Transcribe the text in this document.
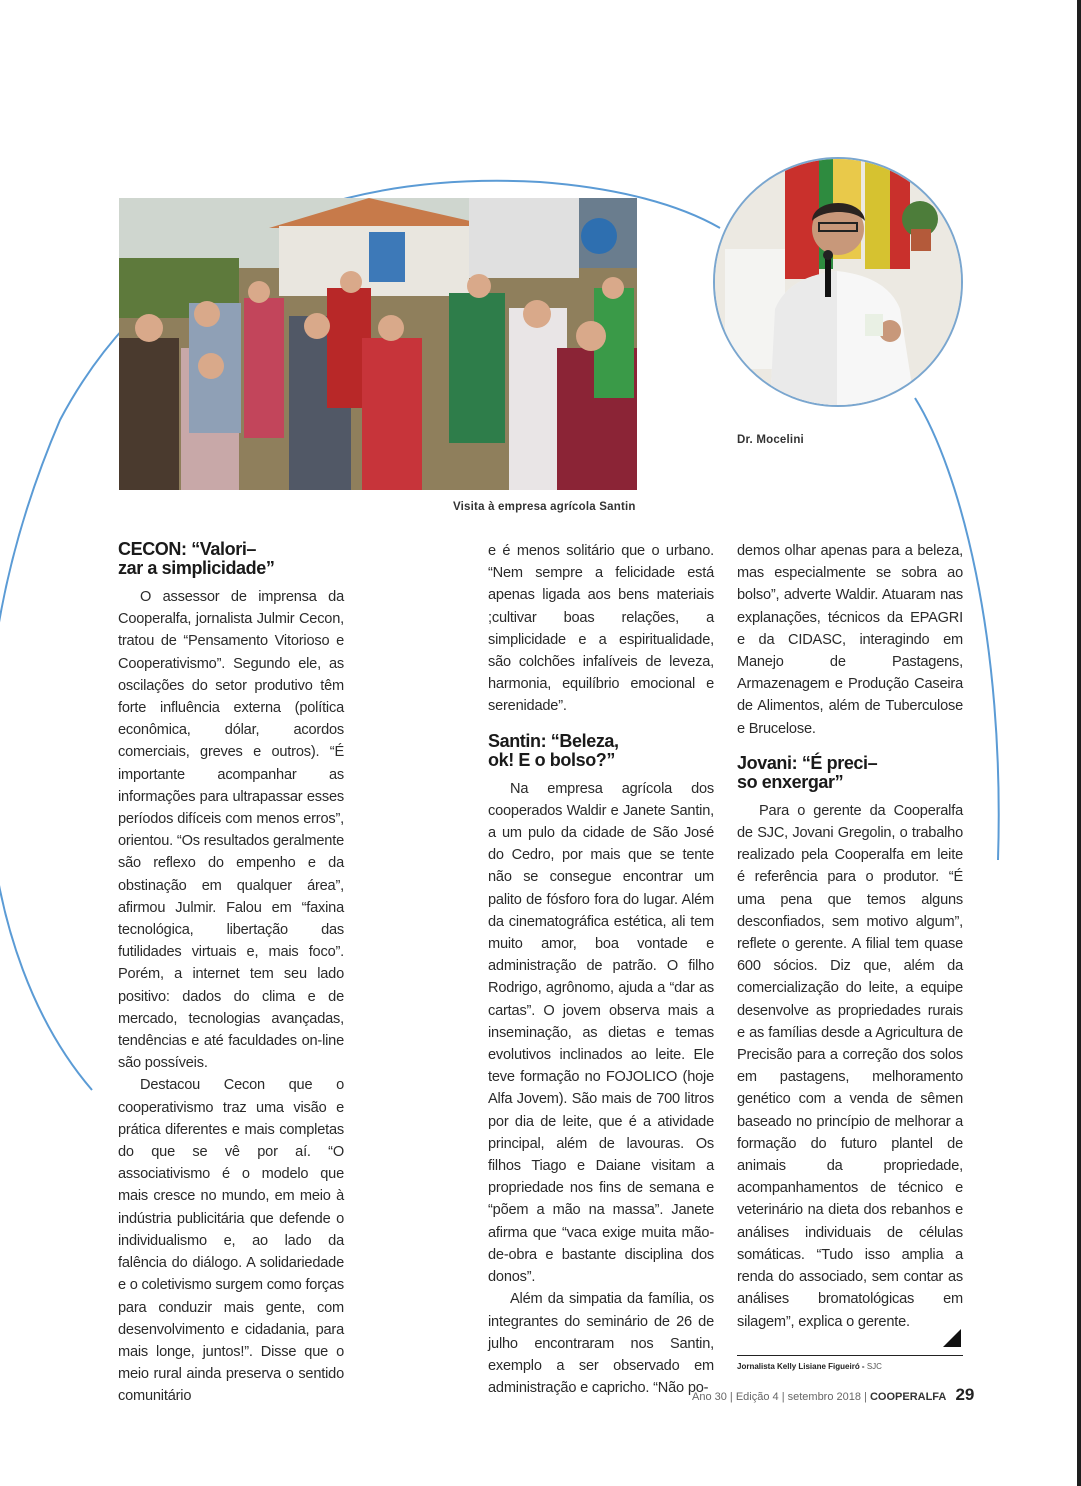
Visita à empresa agrícola Santin
Dr. Mocelini
CECON: “Valori–
zar a simplicidade”

O assessor de imprensa da Cooperalfa, jornalista Julmir Cecon, tratou de “Pensamento Vitorioso e Cooperativismo”. Segundo ele, as oscilações do setor produtivo têm forte influência externa (política econômica, dólar, acordos comerciais, greves e outros). “É importante acompanhar as informações para ultrapassar esses períodos difíceis com menos erros”, orientou. “Os resultados geralmente são reflexo do empenho e da obstinação em qualquer área”, afirmou Julmir. Falou em “faxina tecnológica, libertação das futilidades virtuais e, mais foco”. Porém, a internet tem seu lado positivo: dados do clima e de mercado, tecnologias avançadas, tendências e até faculdades on-line são possíveis.

Destacou Cecon que o cooperativismo traz uma visão e prática diferentes e mais completas do que se vê por aí. “O associativismo é o modelo que mais cresce no mundo, em meio à indústria publicitária que defende o individualismo e, ao lado da falência do diálogo. A solidariedade e o coletivismo surgem como forças para conduzir mais gente, com desenvolvimento e cidadania, para mais longe, juntos!”. Disse que o meio rural ainda preserva o sentido comunitário

e é menos solitário que o urbano. “Nem sempre a felicidade está apenas ligada aos bens materiais ;cultivar boas relações, a simplicidade e a espiritualidade, são colchões infalíveis de leveza, harmonia, equilíbrio emocional e serenidade”.

Santin: “Beleza,
ok! E o bolso?”

Na empresa agrícola dos cooperados Waldir e Janete Santin, a um pulo da cidade de São José do Cedro, por mais que se tente não se consegue encontrar um palito de fósforo fora do lugar. Além da cinematográfica estética, ali tem muito amor, boa vontade e administração de patrão. O filho Rodrigo, agrônomo, ajuda a “dar as cartas”. O jovem observa mais a inseminação, as dietas e temas evolutivos inclinados ao leite. Ele teve formação no FOJOLICO (hoje Alfa Jovem). São mais de 700 litros por dia de leite, que é a atividade principal, além de lavouras. Os filhos Tiago e Daiane visitam a propriedade nos fins de semana e “põem a mão na massa”. Janete afirma que “vaca exige muita mão-de-obra e bastante disciplina dos donos”.

Além da simpatia da família, os integrantes do seminário de 26 de julho encontraram nos Santin, exemplo a ser observado em administração e capricho. “Não po-

demos olhar apenas para a beleza, mas especialmente se sobra ao bolso”, adverte Waldir. Atuaram nas explanações, técnicos da EPAGRI e da CIDASC, interagindo em Manejo de Pastagens, Armazenagem e Produção Caseira de Alimentos, além de Tuberculose e Brucelose.

Jovani: “É preci–
so enxergar”

Para o gerente da Cooperalfa de SJC, Jovani Gregolin, o trabalho realizado pela Cooperalfa em leite é referência para o produtor. “É uma pena que temos alguns desconfiados, sem motivo algum”, reflete o gerente. A filial tem quase 600 sócios. Diz que, além da comercialização do leite, a equipe desenvolve as propriedades rurais e as famílias desde a Agricultura de Precisão para a correção dos solos em pastagens, melhoramento genético com a venda de sêmen baseado no princípio de melhorar a formação do futuro plantel de animais da propriedade, acompanhamentos de técnico e veterinário na dieta dos rebanhos e análises individuais de células somáticas. “Tudo isso amplia a renda do associado, sem contar as análises bromatológicas em silagem”, explica o gerente.

Jornalista Kelly Lisiane Figueiró - SJC
Ano 30 | Edição 4 | setembro 2018 | COOPERALFA 29
